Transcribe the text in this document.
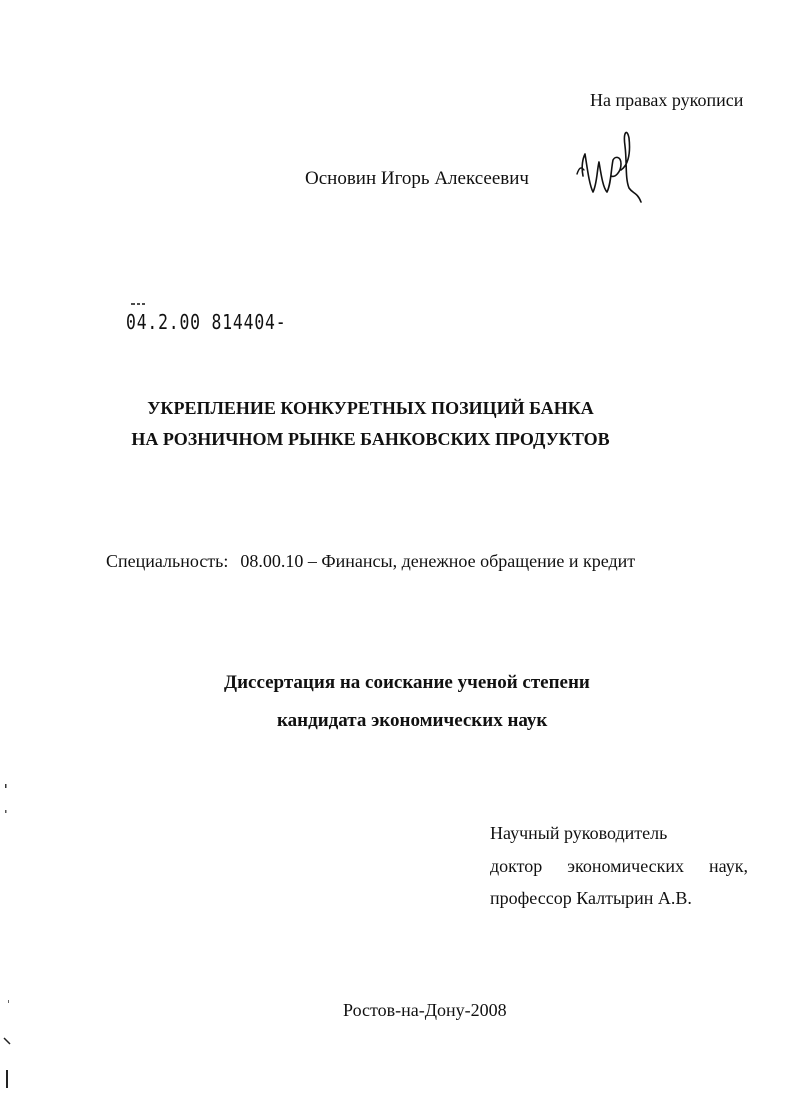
На правах рукописи
Основин Игорь Алексеевич
04.2.00 814404-
УКРЕПЛЕНИЕ КОНКУРЕТНЫХ ПОЗИЦИЙ БАНКА
НА РОЗНИЧНОМ РЫНКЕ БАНКОВСКИХ ПРОДУКТОВ
Специальность: 08.00.10 – Финансы, денежное обращение и кредит
Диссертация на соискание ученой степени
кандидата экономических наук
Научный руководитель
доктор экономических наук,
профессор Калтырин А.В.
Ростов-на-Дону-2008
